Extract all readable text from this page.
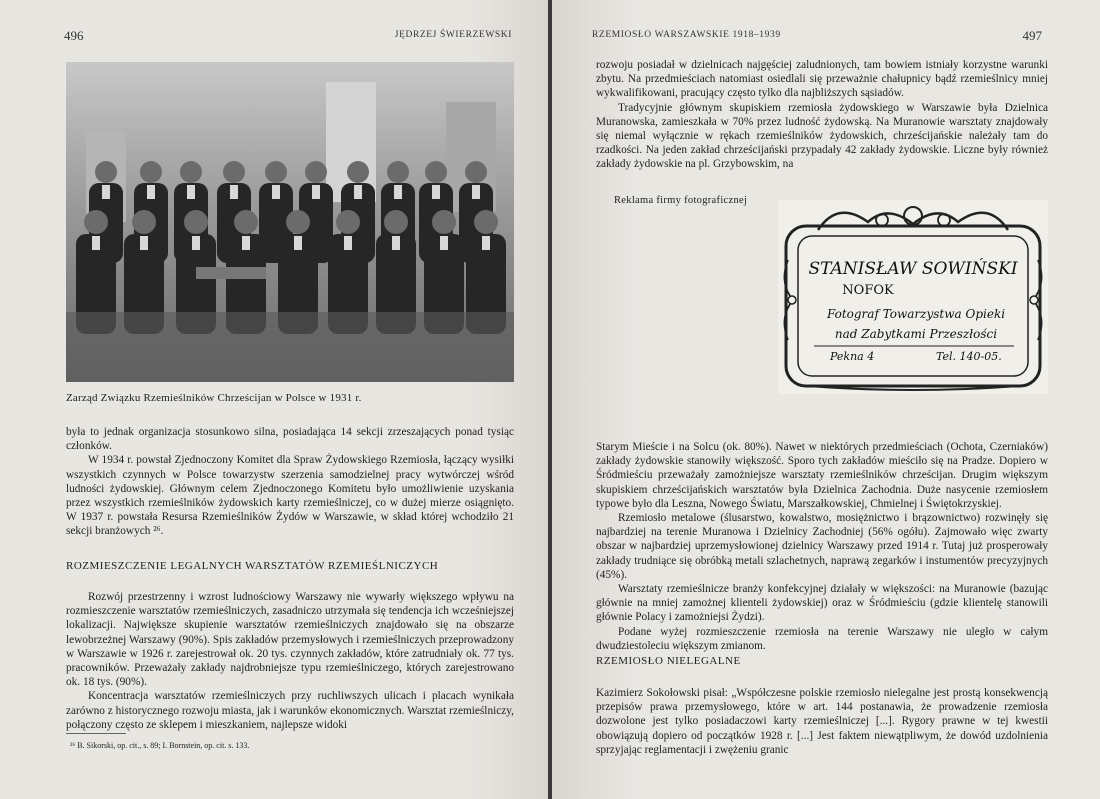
496	JĘDRZEJ ŚWIERZEWSKI
Zarząd Związku Rzemieślników Chrześcijan w Polsce w 1931 r.

była to jednak organizacja stosunkowo silna, posiadająca 14 sekcji zrzeszających ponad tysiąc członków.

W 1934 r. powstał Zjednoczony Komitet dla Spraw Żydowskiego Rzemiosła, łączący wysiłki wszystkich czynnych w Polsce towarzystw szerzenia samodzielnej pracy wytwórczej wśród ludności żydowskiej. Głównym celem Zjednoczonego Komitetu było umożliwienie uzyskania przez wszystkich rzemieślników żydowskich karty rzemieślniczej, co w dużej mierze osiągnięto. W 1937 r. powstała Resursa Rzemieślników Żydów w Warszawie, w skład której wchodziło 21 sekcji branżowych ²⁶.

ROZMIESZCZENIE LEGALNYCH WARSZTATÓW RZEMIEŚLNICZYCH

Rozwój przestrzenny i wzrost ludnościowy Warszawy nie wywarły większego wpływu na rozmieszczenie warsztatów rzemieślniczych, zasadniczo utrzymała się tendencja ich wcześniejszej lokalizacji. Największe skupienie warsztatów rzemieślniczych znajdowało się na obszarze lewobrzeżnej Warszawy (90%). Spis zakładów przemysłowych i rzemieślniczych przeprowadzony w Warszawie w 1926 r. zarejestrował ok. 20 tys. czynnych zakładów, które zatrudniały ok. 77 tys. pracowników. Przeważały zakłady najdrobniejsze typu rzemieślniczego, których zarejestrowano ok. 18 tys. (90%).

Koncentracja warsztatów rzemieślniczych przy ruchliwszych ulicach i placach wynikała zarówno z historycznego rozwoju miasta, jak i warunków ekonomicznych. Warsztat rzemieślniczy, połączony często ze sklepem i mieszkaniem, najlepsze widoki

²⁶ B. Sikorski, op. cit., s. 89; I. Bornstein, op. cit. s. 133.
RZEMIOSŁO WARSZAWSKIE 1918–1939	497

rozwoju posiadał w dzielnicach najgęściej zaludnionych, tam bowiem istniały korzystne warunki zbytu. Na przedmieściach natomiast osiedlali się przeważnie chałupnicy bądź rzemieślnicy mniej wykwalifikowani, pracujący często tylko dla najbliższych sąsiadów.

Tradycyjnie głównym skupiskiem rzemiosła żydowskiego w Warszawie była Dzielnica Muranowska, zamieszkała w 70% przez ludność żydowską. Na Muranowie warsztaty znajdowały się niemal wyłącznie w rękach rzemieślników żydowskich, chrześcijańskie należały tam do rzadkości. Na jeden zakład chrześcijański przypadały 42 zakłady żydowskie. Liczne były również zakłady żydowskie na pl. Grzybowskim, na

Reklama firmy fotograficznej
STANISŁAW SOWIŃSKI
NOFOK
Fotograf Towarzystwa Opieki
nad Zabytkami Przeszłości
Pekna 4	Tel. 140-05.

Starym Mieście i na Solcu (ok. 80%). Nawet w niektórych przedmieściach (Ochota, Czerniaków) zakłady żydowskie stanowiły większość. Sporo tych zakładów mieściło się na Pradze. Dopiero w Śródmieściu przeważały zamożniejsze warsztaty rzemieślników chrześcijan. Drugim większym skupiskiem chrześcijańskich warsztatów była Dzielnica Zachodnia. Duże nasycenie rzemiosłem typowe było dla Leszna, Nowego Światu, Marszałkowskiej, Chmielnej i Świętokrzyskiej.

Rzemiosło metalowe (ślusarstwo, kowalstwo, mosiężnictwo i brązownictwo) rozwinęły się najbardziej na terenie Muranowa i Dzielnicy Zachodniej (56% ogółu). Zajmowało więc zwarty obszar w najbardziej uprzemysłowionej dzielnicy Warszawy przed 1914 r. Tutaj już prosperowały zakłady trudniące się obróbką metali szlachetnych, naprawą zegarków i instumentów precyzyjnych (45%).

Warsztaty rzemieślnicze branży konfekcyjnej działały w większości: na Muranowie (bazując głównie na mniej zamożnej klienteli żydowskiej) oraz w Śródmieściu (gdzie klientelę stanowili głównie Polacy i zamożniejsi Żydzi).

Podane wyżej rozmieszczenie rzemiosła na terenie Warszawy nie uległo w całym dwudziestoleciu większym zmianom.

RZEMIOSŁO NIELEGALNE

Kazimierz Sokołowski pisał: „Współczesne polskie rzemiosło nielegalne jest prostą konsekwencją przepisów prawa przemysłowego, które w art. 144 postanawia, że prowadzenie rzemiosła dozwolone jest tylko posiadaczowi karty rzemieślniczej [...]. Rygory prawne w tej kwestii obowiązują dopiero od początków 1928 r. [...] Jest faktem niewątpliwym, że dowód uzdolnienia sprzyjając reglamentacji i zwężeniu granic
